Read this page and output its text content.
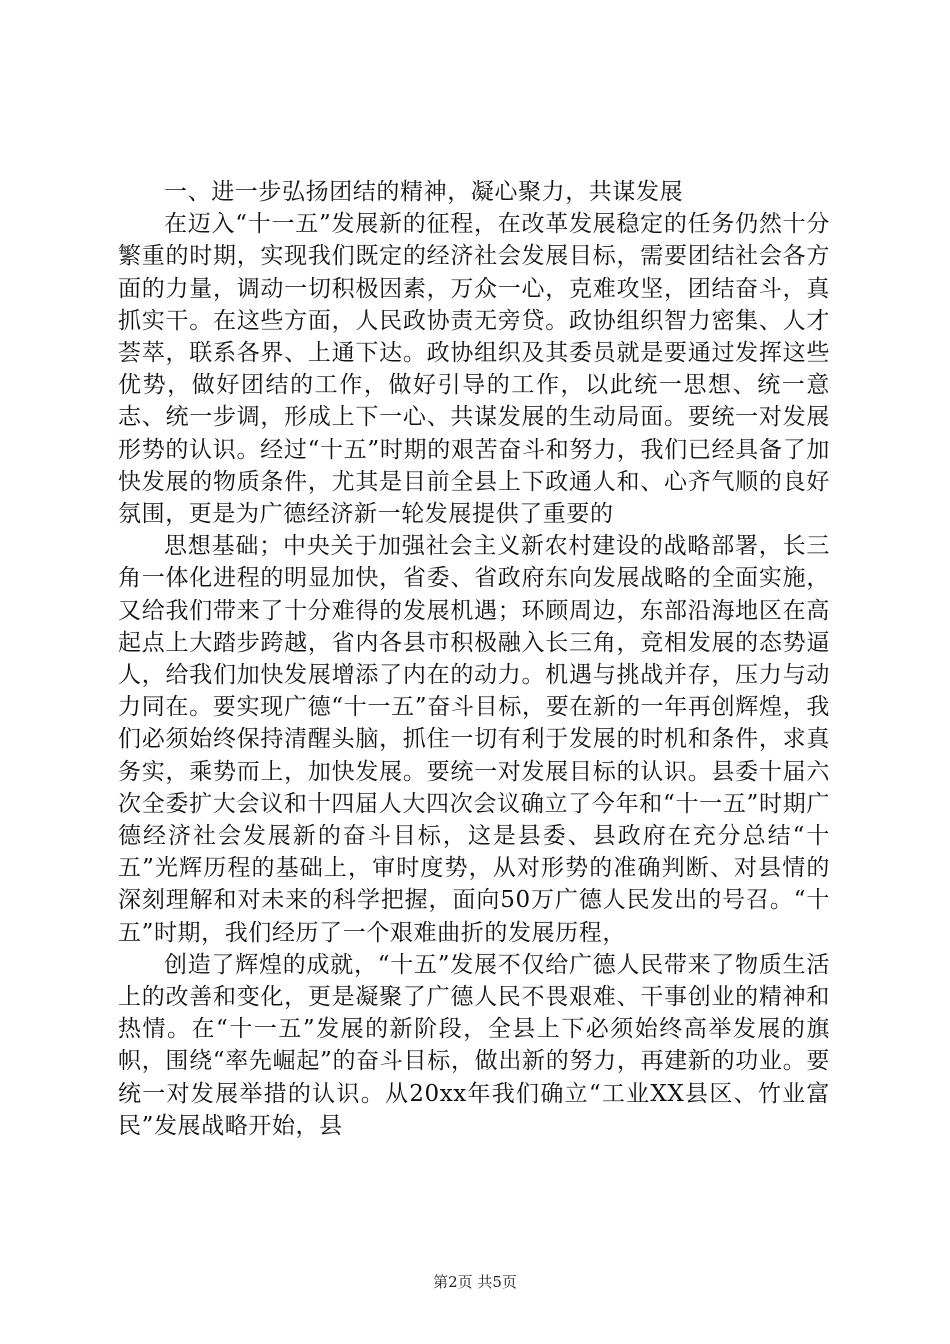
一、进一步弘扬团结的精神，凝心聚力，共谋发展

在迈入“十一五”发展新的征程，在改革发展稳定的任务仍然十分繁重的时期，实现我们既定的经济社会发展目标，需要团结社会各方面的力量，调动一切积极因素，万众一心，克难攻坚，团结奋斗，真抓实干。在这些方面，人民政协责无旁贷。政协组织智力密集、人才荟萃，联系各界、上通下达。政协组织及其委员就是要通过发挥这些优势，做好团结的工作，做好引导的工作，以此统一思想、统一意志、统一步调，形成上下一心、共谋发展的生动局面。要统一对发展形势的认识。经过“十五”时期的艰苦奋斗和努力，我们已经具备了加快发展的物质条件，尤其是目前全县上下政通人和、心齐气顺的良好氛围，更是为广德经济新一轮发展提供了重要的

思想基础；中央关于加强社会主义新农村建设的战略部署，长三角一体化进程的明显加快，省委、省政府东向发展战略的全面实施，又给我们带来了十分难得的发展机遇；环顾周边，东部沿海地区在高起点上大踏步跨越，省内各县市积极融入长三角，竞相发展的态势逼人，给我们加快发展增添了内在的动力。机遇与挑战并存，压力与动力同在。要实现广德“十一五”奋斗目标，要在新的一年再创辉煌，我们必须始终保持清醒头脑，抓住一切有利于发展的时机和条件，求真务实，乘势而上，加快发展。要统一对发展目标的认识。县委十届六次全委扩大会议和十四届人大四次会议确立了今年和“十一五”时期广德经济社会发展新的奋斗目标，这是县委、县政府在充分总结“十五”光辉历程的基础上，审时度势，从对形势的准确判断、对县情的深刻理解和对未来的科学把握，面向50万广德人民发出的号召。“十五”时期，我们经历了一个艰难曲折的发展历程，

创造了辉煌的成就，“十五”发展不仅给广德人民带来了物质生活上的改善和变化，更是凝聚了广德人民不畏艰难、干事创业的精神和热情。在“十一五”发展的新阶段，全县上下必须始终高举发展的旗帜，围绕“率先崛起”的奋斗目标，做出新的努力，再建新的功业。要统一对发展举措的认识。从20xx年我们确立“工业XX县区、竹业富民”发展战略开始，县

第2页 共5页
